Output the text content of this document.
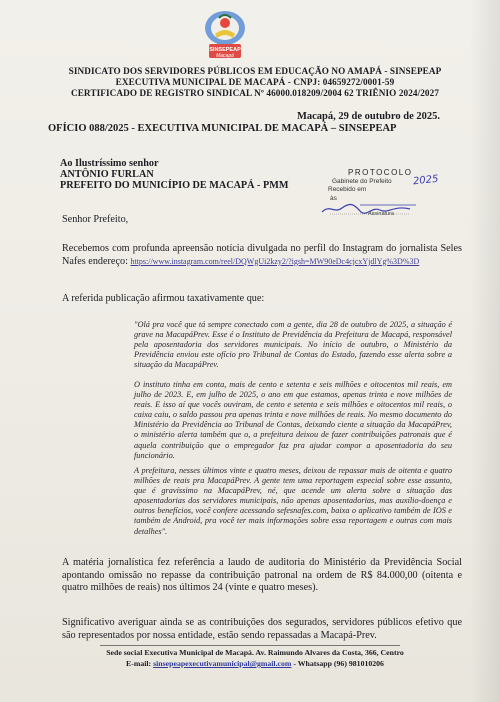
SINSEPEAP
Macapá
SINDICATO DOS SERVIDORES PÚBLICOS EM EDUCAÇÃO NO AMAPÁ - SINSEPEAP
EXECUTIVA MUNICIPAL DE MACAPÁ - CNPJ: 04659272/0001-59
CERTIFICADO DE REGISTRO SINDICAL Nº 46000.018209/2004 62 TRIÊNIO 2024/2027
Macapá, 29 de outubro de 2025.
OFÍCIO 088/2025 - EXECUTIVA MUNICIPAL DE MACAPÁ – SINSEPEAP
Ao Ilustríssimo senhor
ANTÔNIO FURLAN
PREFEITO DO MUNICÍPIO DE MACAPÁ - PMM
PROTOCOLO
Gabinete do Prefeito
Recebido em
às
2025
Assinatura
Senhor Prefeito,
Recebemos com profunda apreensão notícia divulgada no perfil do Instagram do jornalista Seles Nafes endereço: https://www.instagram.com/reel/DQWgUi2kzy2/?igsh=MW90eDc4cjcxYjdlYg%3D%3D
A referida publicação afirmou taxativamente que:
"Olá pra você que tá sempre conectado com a gente, dia 28 de outubro de 2025, a situação é grave na MacapáPrev. Esse é o Instituto de Previdência da Prefeitura de Macapá, responsável pela aposentadoria dos servidores municipais. No início de outubro, o Ministério da Previdência enviou este ofício pro Tribunal de Contas do Estado, fazendo esse alerta sobre a situação da MacapáPrev.
O instituto tinha em conta, mais de cento e setenta e seis milhões e oitocentos mil reais, em julho de 2023. E, em julho de 2025, o ano em que estamos, apenas trinta e nove milhões de reais. E isso aí que vocês ouviram, de cento e setenta e seis milhões e oitocentos mil reais, o caixa caiu, o saldo passou pra apenas trinta e nove milhões de reais. No mesmo documento do Ministério da Previdência ao Tribunal de Contas, deixando ciente a situação da MacapáPrev, o ministério alerta também que o, a prefeitura deixou de fazer contribuições patronais que é aquela contribuição que o empregador faz pra ajudar compor a aposentadoria do seu funcionário.
A prefeitura, nesses últimos vinte e quatro meses, deixou de repassar mais de oitenta e quatro milhões de reais pra MacapáPrev. A gente tem uma reportagem especial sobre esse assunto, que é gravíssimo na MacapáPrev, né, que acende um alerta sobre a situação das aposentadorias dos servidores municipais, não apenas aposentadorias, mas auxílio-doença e outros benefícios, você confere acessando sefesnafes.com, baixa o aplicativo também de IOS e também de Android, pra você ter mais informações sobre essa reportagem e outras com mais detalhes".
A matéria jornalística fez referência a laudo de auditoria do Ministério da Previdência Social apontando omissão no repasse da contribuição patronal na ordem de R$ 84.000,00 (oitenta e quatro milhões de reais) nos últimos 24 (vinte e quatro meses).
Significativo averiguar ainda se as contribuições dos segurados, servidores públicos efetivo que são representados por nossa entidade, estão sendo repassadas a Macapá-Prev.
Sede social Executiva Municipal de Macapá. Av. Raimundo Alvares da Costa, 366, Centro
E-mail: sinsepeapexecutivamunicipal@gmail.com - Whatsapp (96) 981010206
